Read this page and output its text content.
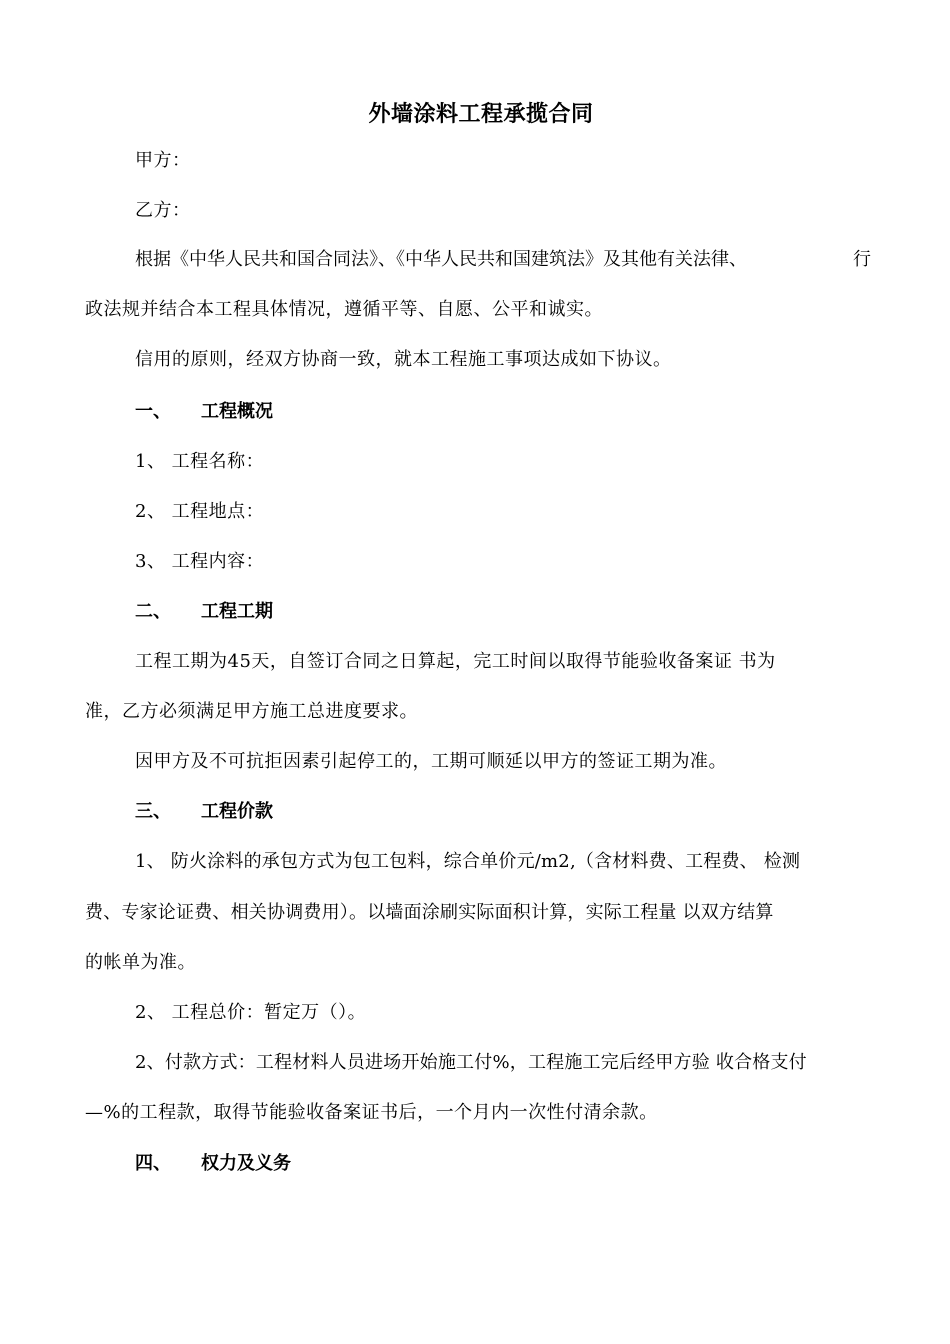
外墙涂料工程承揽合同
甲方：
乙方：
根据《中华人民共和国合同法》、《中华人民共和国建筑法》及其他有关法律、	行
政法规并结合本工程具体情况，遵循平等、自愿、公平和诚实。
信用的原则，经双方协商一致，就本工程施工事项达成如下协议。
一、 工程概况
1、 工程名称：
2、 工程地点：
3、 工程内容：
二、 工程工期
工程工期为45天，自签订合同之日算起，完工时间以取得节能验收备案证 书为
准，乙方必须满足甲方施工总进度要求。
因甲方及不可抗拒因素引起停工的，工期可顺延以甲方的签证工期为准。
三、 工程价款
1、 防火涂料的承包方式为包工包料，综合单价元/m2,（含材料费、工程费、 检测
费、专家论证费、相关协调费用）。以墙面涂刷实际面积计算，实际工程量 以双方结算
的帐单为准。
2、 工程总价：暂定万（）。
2、付款方式：工程材料人员进场开始施工付%，工程施工完后经甲方验 收合格支付
—%的工程款，取得节能验收备案证书后，一个月内一次性付清余款。
四、 权力及义务
